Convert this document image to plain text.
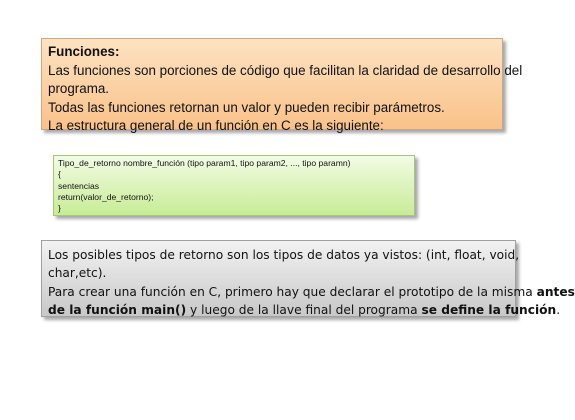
Funciones:
Las funciones son porciones de código que facilitan la claridad de desarrollo del
programa.
Todas las funciones retornan un valor y pueden recibir parámetros.
La estructura general de un función en C es la siguiente:
Tipo_de_retorno nombre_función (tipo param1, tipo param2, ..., tipo paramn)
{
sentencias
return(valor_de_retorno);
}
Los posibles tipos de retorno son los tipos de datos ya vistos: (int, float, void,
char,etc).
Para crear una función en C, primero hay que declarar el prototipo de la misma antes
de la función main() y luego de la llave final del programa se define la función.
